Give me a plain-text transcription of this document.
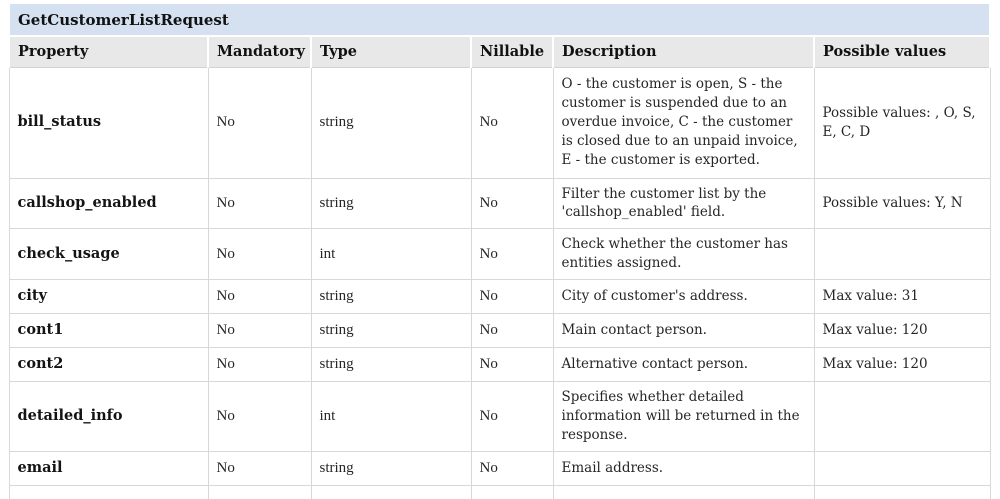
GetCustomerListRequest					
Property	Mandatory	Type	Nillable	Description	Possible values
bill_status	No	string	No	O - the customer is open, S - the customer is suspended due to an overdue invoice, C - the customer is closed due to an unpaid invoice, E - the customer is exported.	Possible values: , O, S, E, C, D
callshop_enabled	No	string	No	Filter the customer list by the 'callshop_enabled' field.	Possible values: Y, N
check_usage	No	int	No	Check whether the customer has entities assigned.	
city	No	string	No	City of customer's address.	Max value: 31
cont1	No	string	No	Main contact person.	Max value: 120
cont2	No	string	No	Alternative contact person.	Max value: 120
detailed_info	No	int	No	Specifies whether detailed information will be returned in the response.	
email	No	string	No	Email address.	
